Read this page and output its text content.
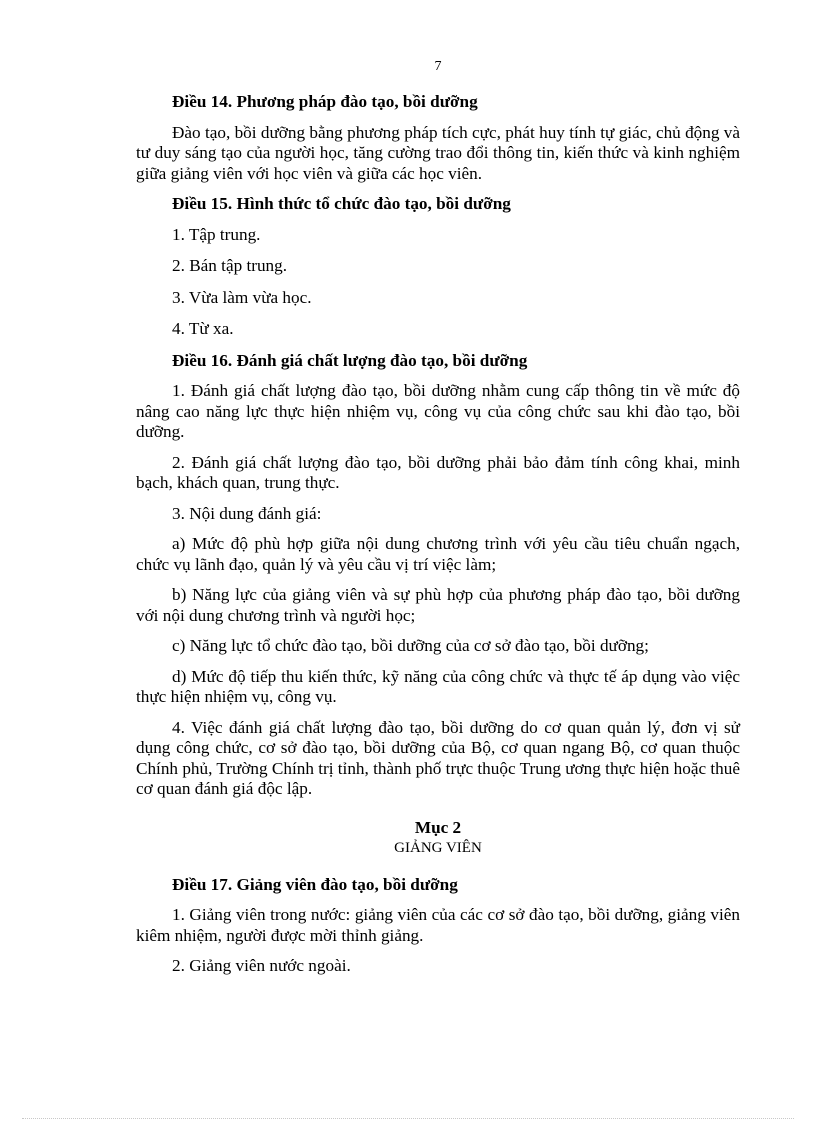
7
Điều 14. Phương pháp đào tạo, bồi dưỡng
Đào tạo, bồi dưỡng bằng phương pháp tích cực, phát huy tính tự giác, chủ động và tư duy sáng tạo của người học, tăng cường trao đổi thông tin, kiến thức và kinh nghiệm giữa giảng viên với học viên và giữa các học viên.
Điều 15. Hình thức tổ chức đào tạo, bồi dưỡng
1. Tập trung.
2. Bán tập trung.
3. Vừa làm vừa học.
4. Từ xa.
Điều 16. Đánh giá chất lượng đào tạo, bồi dưỡng
1. Đánh giá chất lượng đào tạo, bồi dưỡng nhằm cung cấp thông tin về mức độ nâng cao năng lực thực hiện nhiệm vụ, công vụ của công chức sau khi đào tạo, bồi dưỡng.
2. Đánh giá chất lượng đào tạo, bồi dưỡng phải bảo đảm tính công khai, minh bạch, khách quan, trung thực.
3. Nội dung đánh giá:
a) Mức độ phù hợp giữa nội dung chương trình với yêu cầu tiêu chuẩn ngạch, chức vụ lãnh đạo, quản lý và yêu cầu vị trí việc làm;
b) Năng lực của giảng viên và sự phù hợp của phương pháp đào tạo, bồi dưỡng với nội dung chương trình và người học;
c) Năng lực tổ chức đào tạo, bồi dưỡng của cơ sở đào tạo, bồi dưỡng;
d) Mức độ tiếp thu kiến thức, kỹ năng của công chức và thực tế áp dụng vào việc thực hiện nhiệm vụ, công vụ.
4. Việc đánh giá chất lượng đào tạo, bồi dưỡng do cơ quan quản lý, đơn vị sử dụng công chức, cơ sở đào tạo, bồi dưỡng của Bộ, cơ quan ngang Bộ, cơ quan thuộc Chính phủ, Trường Chính trị tỉnh, thành phố trực thuộc Trung ương thực hiện hoặc thuê cơ quan đánh giá độc lập.
Mục 2
GIẢNG VIÊN
Điều 17. Giảng viên đào tạo, bồi dưỡng
1. Giảng viên trong nước: giảng viên của các cơ sở đào tạo, bồi dưỡng, giảng viên kiêm nhiệm, người được mời thỉnh giảng.
2. Giảng viên nước ngoài.
